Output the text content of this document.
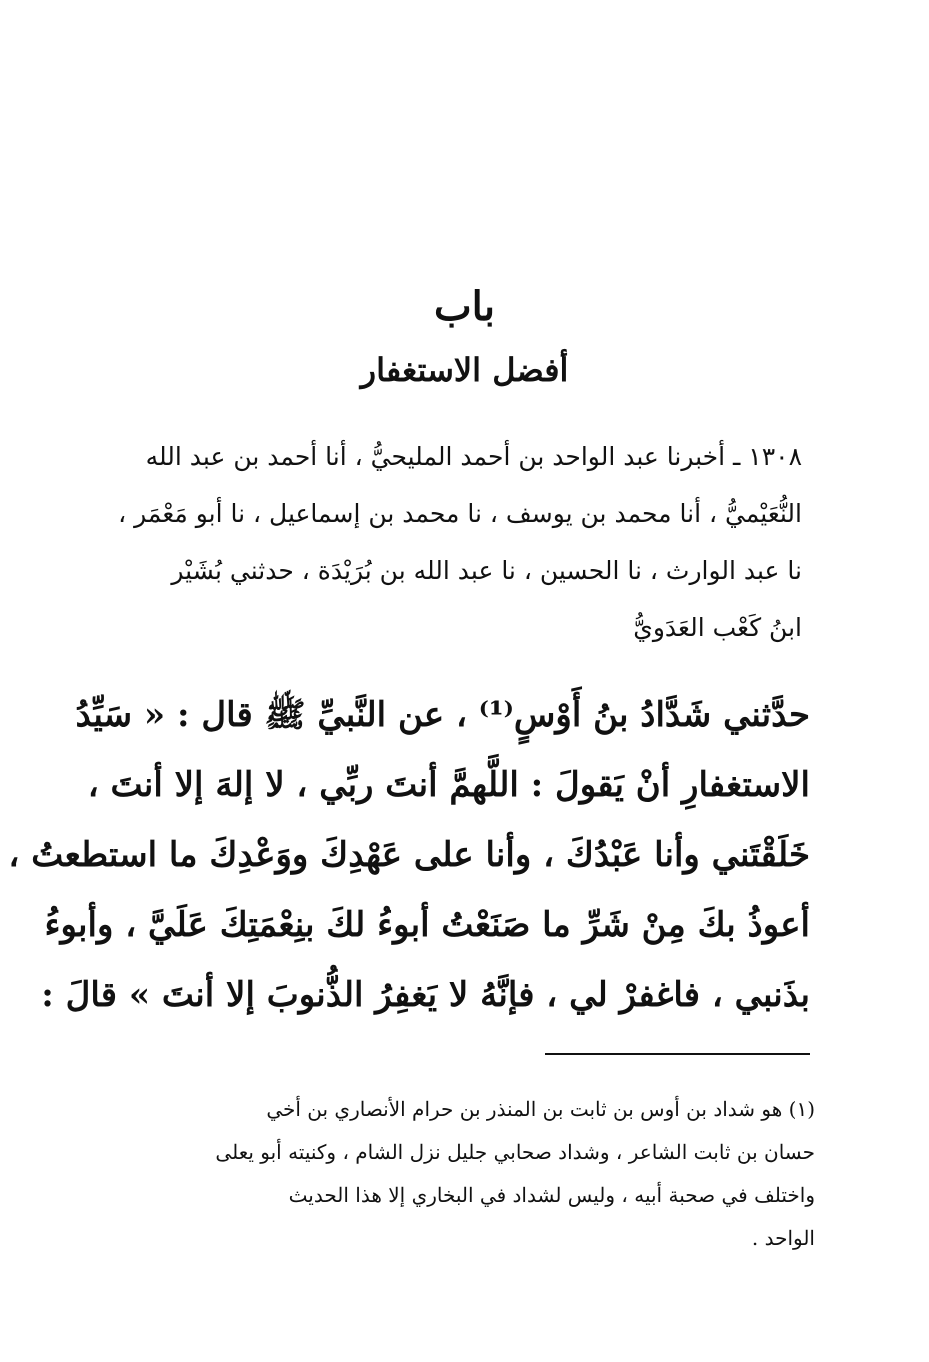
باب
أفضل الاستغفار
١٣٠٨ ـ أخبرنا عبد الواحد بن أحمد المليحيُّ ، أنا أحمد بن عبد الله
النُّعَيْميُّ ، أنا محمد بن يوسف ، نا محمد بن إسماعيل ، نا أبو مَعْمَر ،
نا عبد الوارث ، نا الحسين ، نا عبد الله بن بُرَيْدَة ، حدثني بُشَيْر
ابنُ كَعْب العَدَويُّ
حدَّثني شَدَّادُ بنُ أَوْسٍ⁽¹⁾ ، عن النَّبيِّ ﷺ قال : « سَيِّدُ
الاستغفارِ أنْ يَقولَ : اللَّهمَّ أنتَ ربِّي ، لا إلهَ إلا أنتَ ،
خَلَقْتَني وأنا عَبْدُكَ ، وأنا على عَهْدِكَ ووَعْدِكَ ما استطعتُ ،
أعوذُ بكَ مِنْ شَرِّ ما صَنَعْتُ أبوءُ لكَ بنِعْمَتِكَ عَلَيَّ ، وأبوءُ
بذَنبي ، فاغفرْ لي ، فإنَّهُ لا يَغفِرُ الذُّنوبَ إلا أنتَ » قالَ :
(١) هو شداد بن أوس بن ثابت بن المنذر بن حرام الأنصاري بن أخي
حسان بن ثابت الشاعر ، وشداد صحابي جليل نزل الشام ، وكنيته أبو يعلى
واختلف في صحبة أبيه ، وليس لشداد في البخاري إلا هذا الحديث
الواحد .
